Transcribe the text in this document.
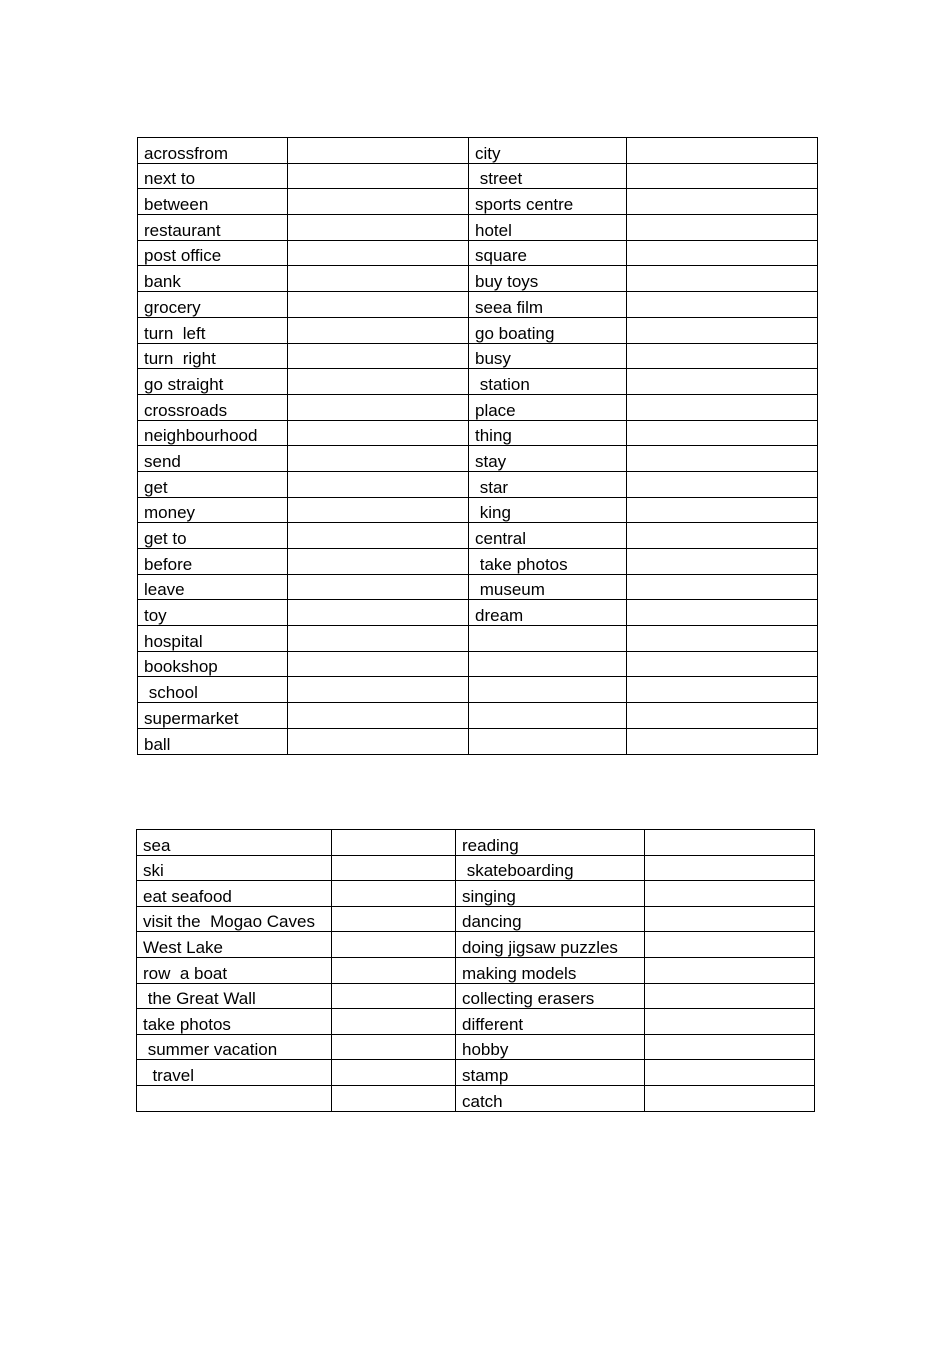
acrossfrom		city	
next to		street	
between		sports centre	
restaurant		hotel	
post office		square	
bank		buy toys	
grocery		seea film	
turn  left		go boating	
turn  right		busy	
go straight		station	
crossroads		place	
neighbourhood		thing	
send		stay	
get		star	
money		king	
get to		central	
before		take photos	
leave		museum	
toy		dream	
hospital			
bookshop			
school			
supermarket			
ball			
sea		reading	
ski		skateboarding	
eat seafood		singing	
visit the  Mogao Caves		dancing	
West Lake		doing jigsaw puzzles	
row  a boat		making models	
the Great Wall		collecting erasers	
take photos		different	
summer vacation		hobby	
travel		stamp	
		catch	
